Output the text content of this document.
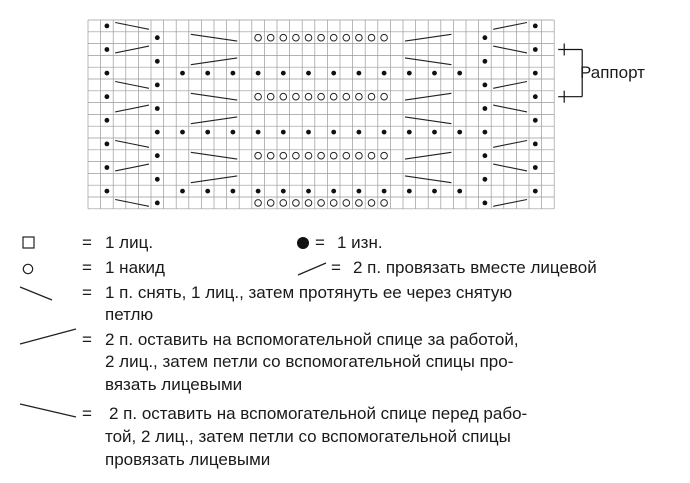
Раппорт
= 1 лиц.	= 1 изн.
= 1 накид	= 2 п. провязать вместе лицевой
= 1 п. снять, 1 лиц., затем протянуть ее через снятую
петлю
= 2 п. оставить на вспомогательной спице за работой,
2 лиц., затем петли со вспомогательной спицы про-
вязать лицевыми
= 2 п. оставить на вспомогательной спице перед рабо-
той, 2 лиц., затем петли со вспомогательной спицы
провязать лицевыми
